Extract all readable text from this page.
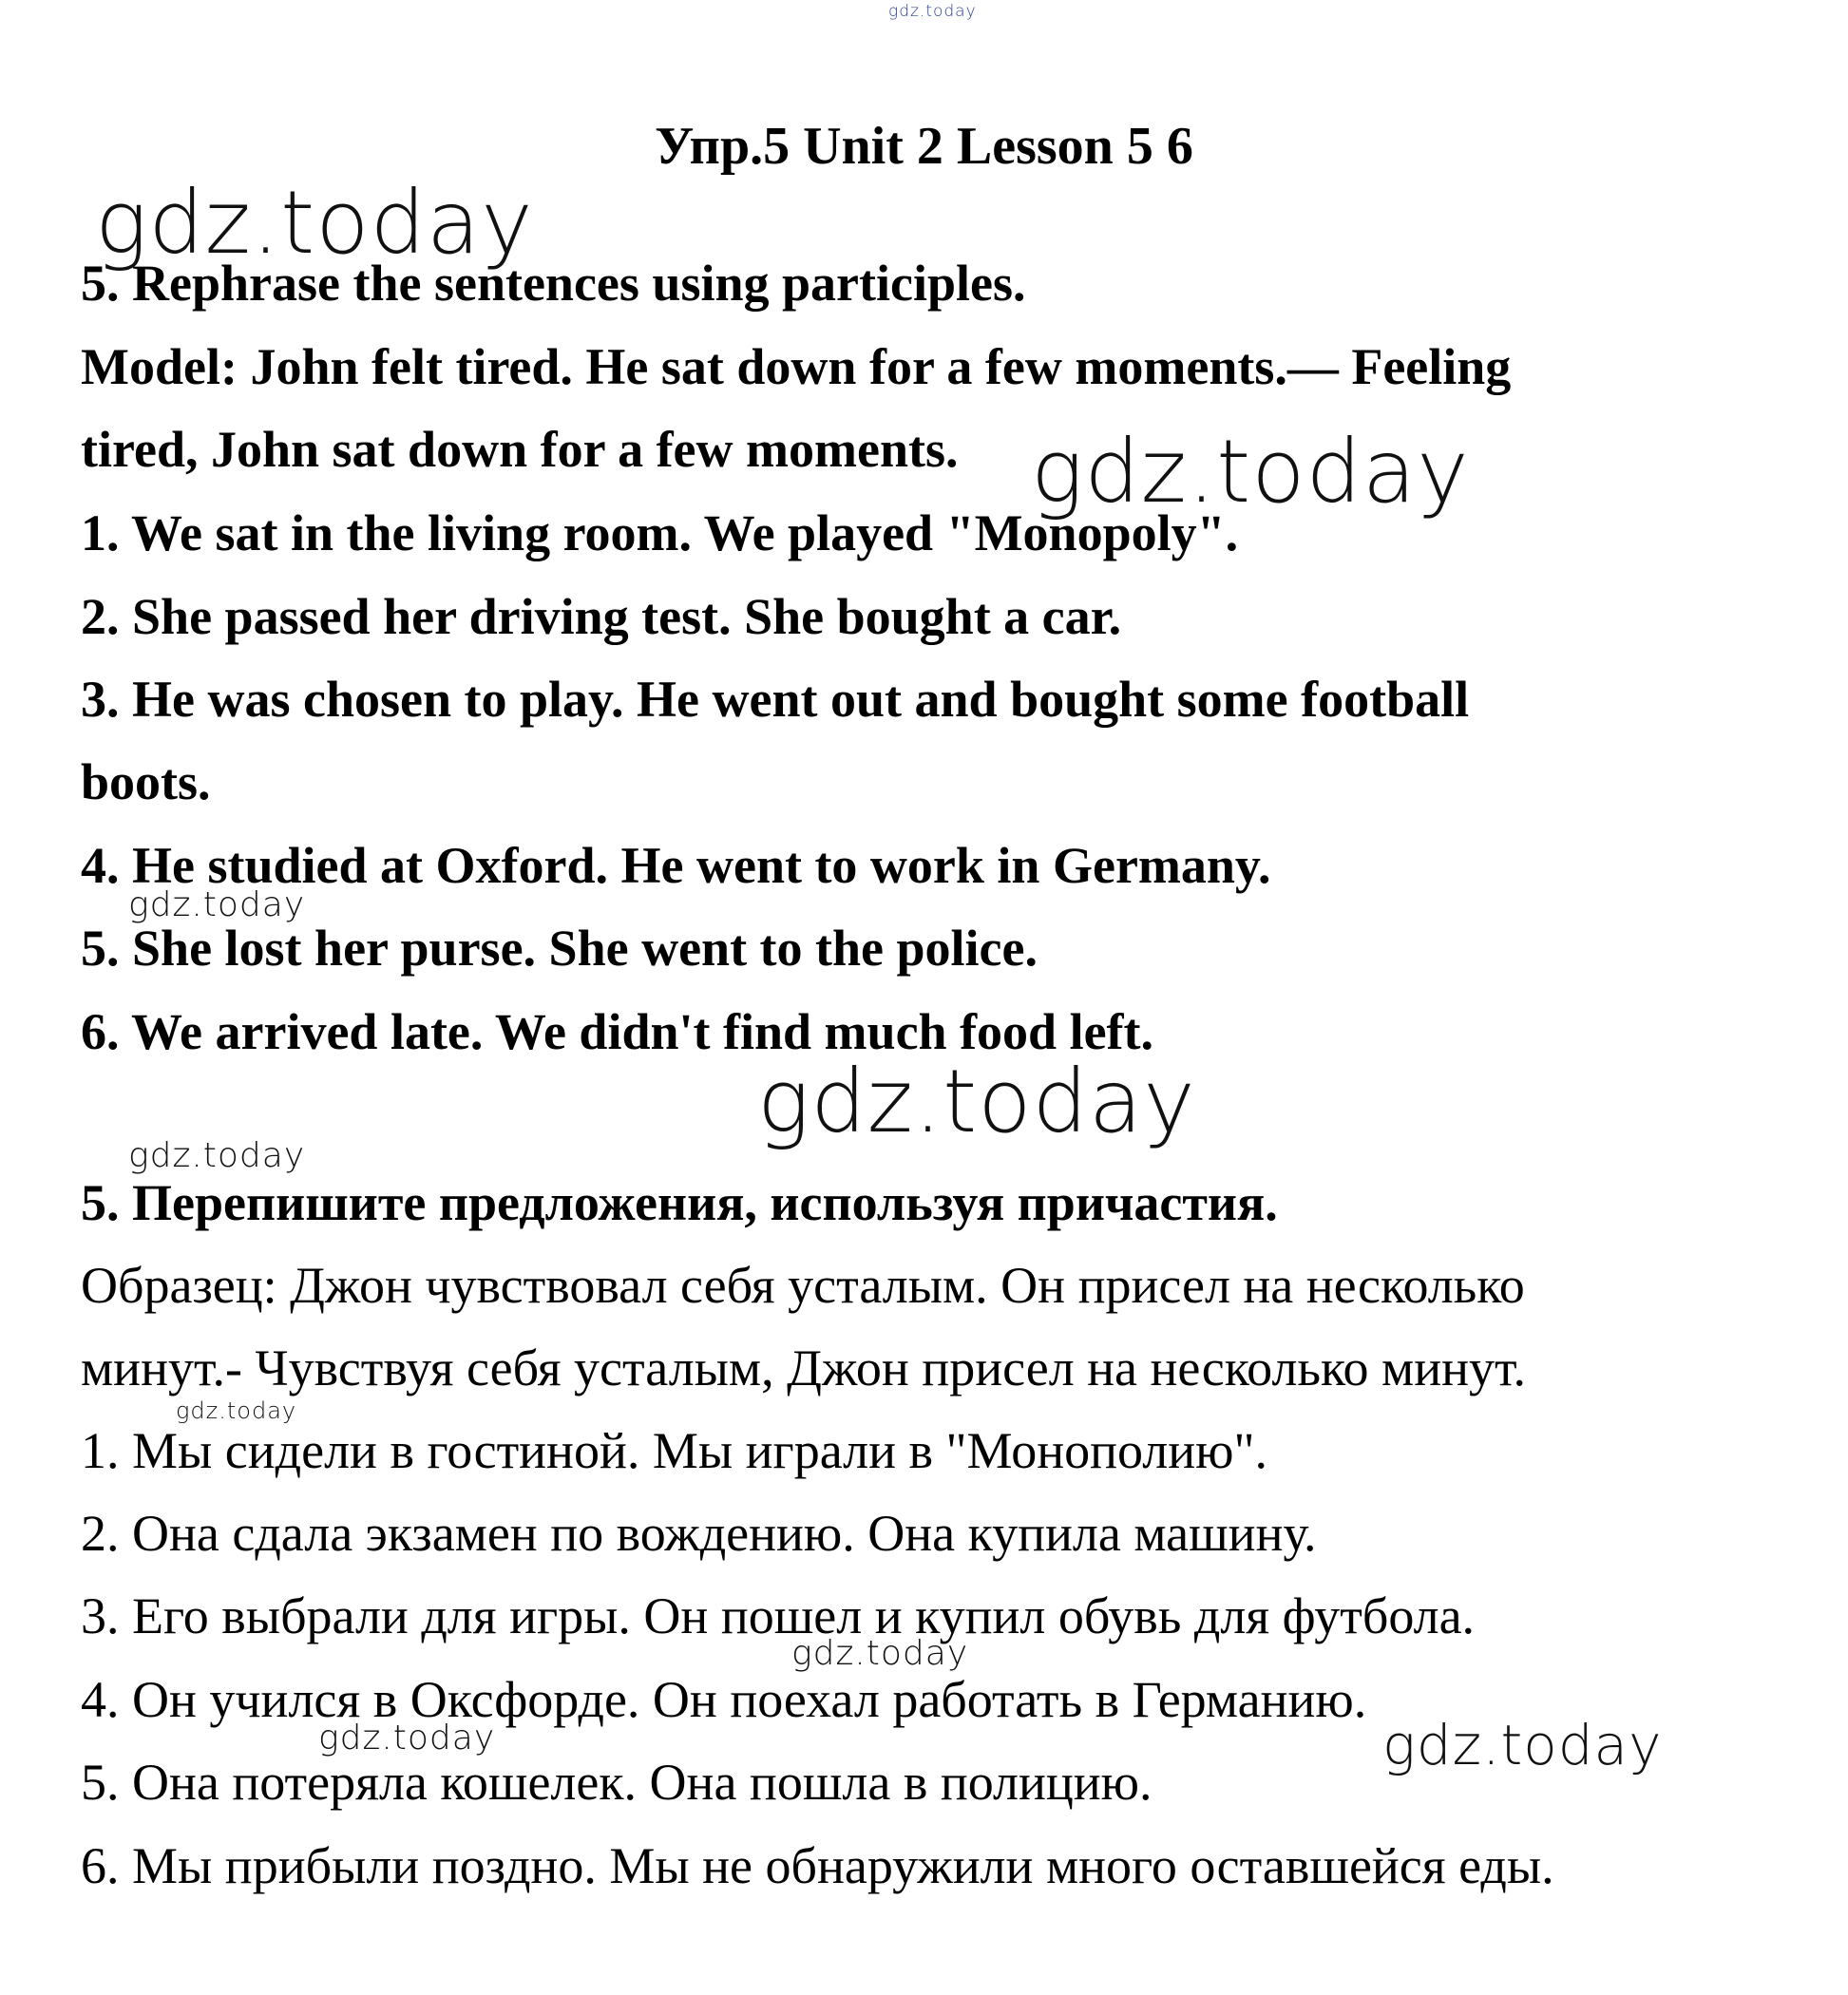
gdz.today
Упр.5 Unit 2 Lesson 5 6
5. Rephrase the sentences using participles.
Model: John felt tired. He sat down for a few moments.— Feeling
tired, John sat down for a few moments.
1. We sat in the living room. We played "Monopoly".
2. She passed her driving test. She bought a car.
3. He was chosen to play. He went out and bought some football
boots.
4. He studied at Oxford. He went to work in Germany.
5. She lost her purse. She went to the police.
6. We arrived late. We didn't find much food left.
5. Перепишите предложения, используя причастия.
Образец: Джон чувствовал себя усталым. Он присел на несколько
минут.- Чувствуя себя усталым, Джон присел на несколько минут.
1. Мы сидели в гостиной. Мы играли в "Монополию".
2. Она сдала экзамен по вождению. Она купила машину.
3. Его выбрали для игры. Он пошел и купил обувь для футбола.
4. Он учился в Оксфорде. Он поехал работать в Германию.
5. Она потеряла кошелек. Она пошла в полицию.
6. Мы прибыли поздно. Мы не обнаружили много оставшейся еды.
gdz.today
gdz.today
gdz.today
gdz.today
gdz.today
gdz.today
gdz.today
gdz.today	gdz.today
